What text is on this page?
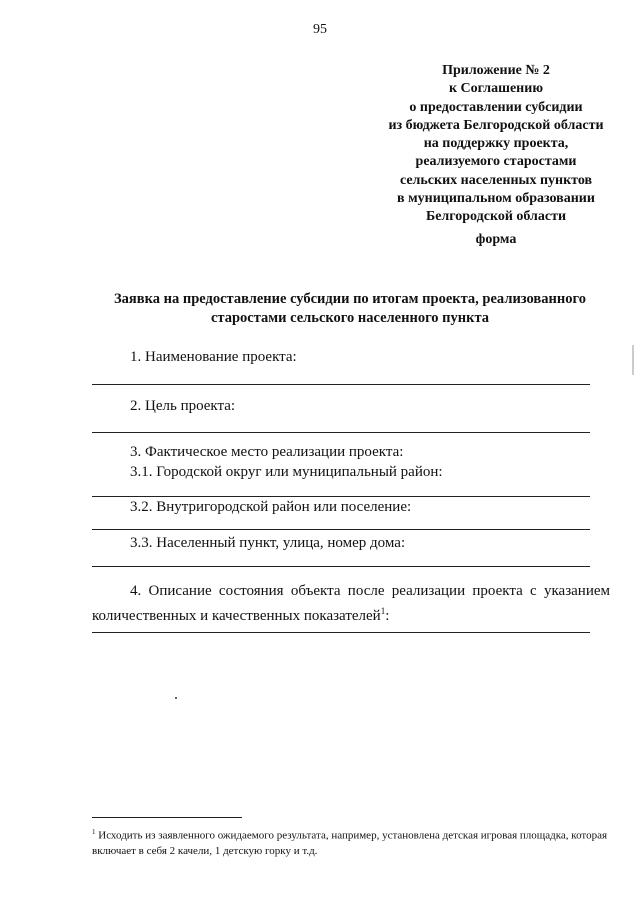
95
Приложение № 2
к Соглашению
о предоставлении субсидии
из бюджета Белгородской области
на поддержку проекта,
реализуемого старостами
сельских населенных пунктов
в муниципальном образовании
Белгородской области
форма
Заявка на предоставление субсидии по итогам проекта, реализованного
старостами сельского населенного пункта
1. Наименование проекта:
2. Цель проекта:
3. Фактическое место реализации проекта:
3.1. Городской округ или муниципальный район:
3.2. Внутригородской район или поселение:
3.3. Населенный пункт, улица, номер дома:
4. Описание состояния объекта после реализации проекта с указанием количественных и качественных показателей$^1$:
$^1$ Исходить из заявленного ожидаемого результата, например, установлена детская игровая площадка, которая включает в себя 2 качели, 1 детскую горку и т.д.
